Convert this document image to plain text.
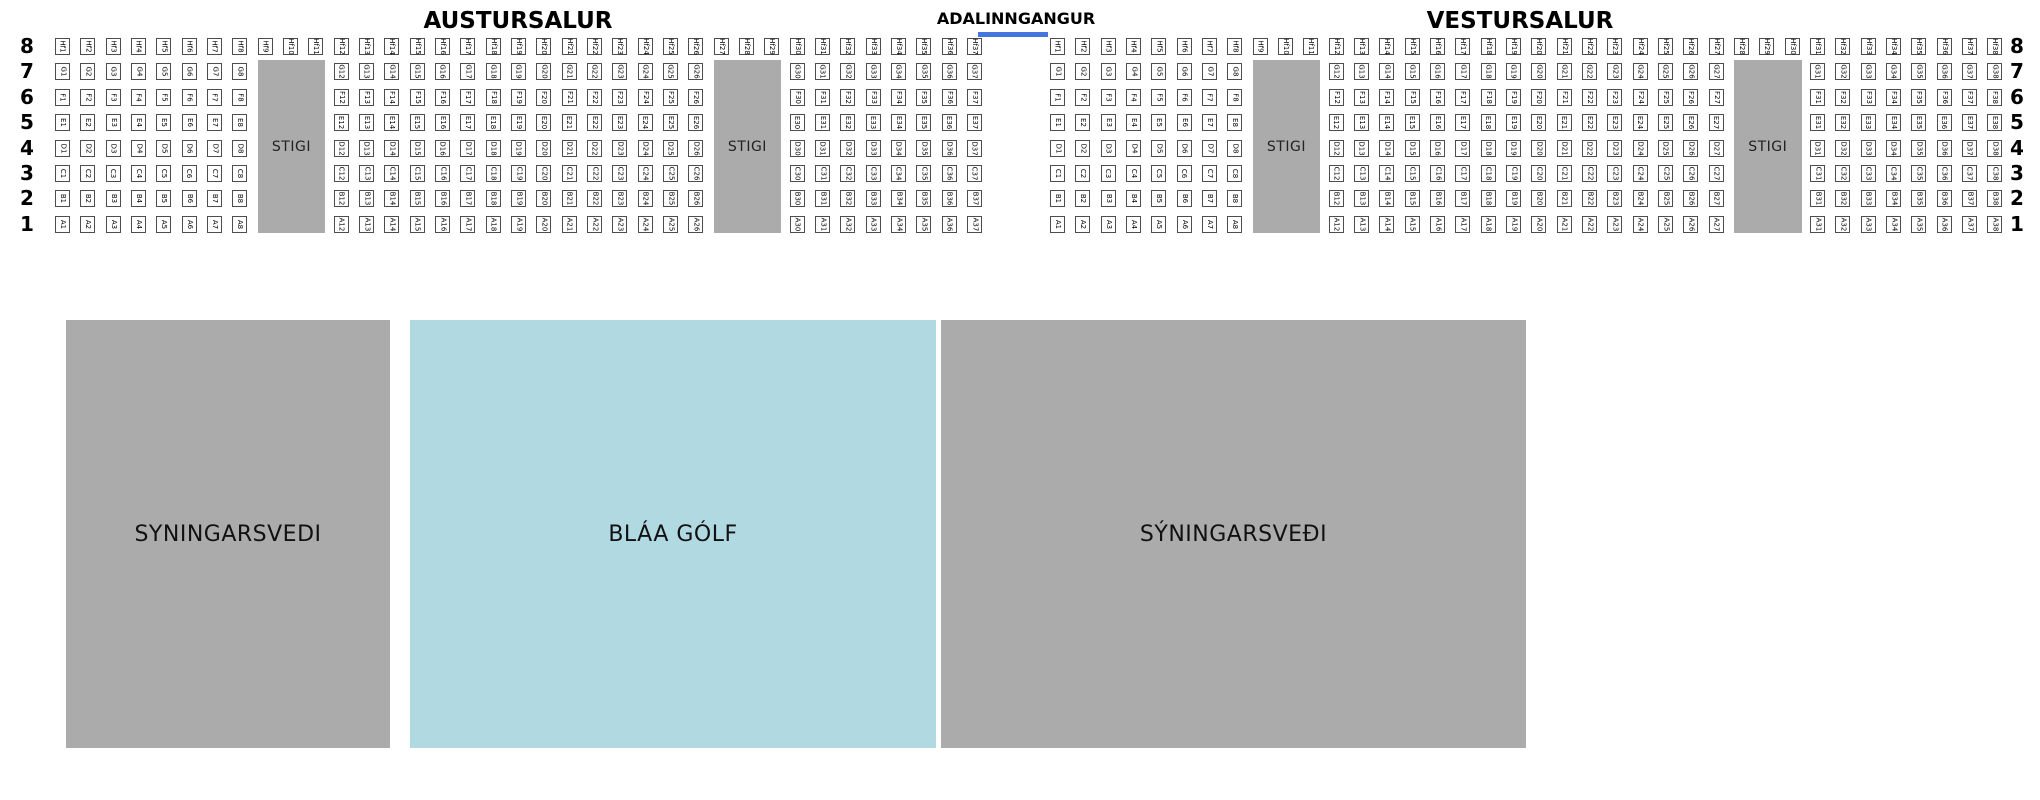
AUSTURSALUR	ADALINNGANGUR	VESTURSALUR
Hf1 Hf2 Hf3 Hf4 Hf5 Hf6 Hf7 Hf8 Hf9 Hf10 Hf11 Hf12 Hf13 Hf14 Hf15 Hf16 Hf17 Hf18 Hf19 Hf20 Hf21 Hf22 Hf23 Hf24 Hf25 Hf26 Hf27 Hf28 Hf29 Hf30 Hf31 Hf32 Hf33 Hf34 Hf35 Hf36 Hf37
G1 G2 G3 G4 G5 G6 G7 G8	G12 G13 G14 G15 G16 G17 G18 G19 G20 G21 G22 G23 G24 G25 G26	G30 G31 G32 G33 G34 G35 G36 G37
F1 F2 F3 F4 F5 F6 F7 F8	F12 F13 F14 F15 F16 F17 F18 F19 F20 F21 F22 F23 F24 F25 F26	F30 F31 F32 F33 F34 F35 F36 F37
E1 E2 E3 E4 E5 E6 E7 E8	E12 E13 E14 E15 E16 E17 E18 E19 E20 E21 E22 E23 E24 E25 E26	E30 E31 E32 E33 E34 E35 E36 E37
D1 D2 D3 D4 D5 D6 D7 D8	D12 D13 D14 D15 D16 D17 D18 D19 D20 D21 D22 D23 D24 D25 D26	D30 D31 D32 D33 D34 D35 D36 D37
C1 C2 C3 C4 C5 C6 C7 C8	C12 C13 C14 C15 C16 C17 C18 C19 C20 C21 C22 C23 C24 C25 C26	C30 C31 C32 C33 C34 C35 C36 C37
B1 B2 B3 B4 B5 B6 B7 B8	B12 B13 B14 B15 B16 B17 B18 B19 B20 B21 B22 B23 B24 B25 B26	B30 B31 B32 B33 B34 B35 B36 B37
A1 A2 A3 A4 A5 A6 A7 A8	A12 A13 A14 A15 A16 A17 A18 A19 A20 A21 A22 A23 A24 A25 A26	A30 A31 A32 A33 A34 A35 A36 A37
STIGI	STIGI
Hf1 Hf2 Hf3 Hf4 Hf5 Hf6 Hf7 Hf8 Hf9 Hf10 Hf11 Hf12 Hf13 Hf14 Hf15 Hf16 Hf17 Hf18 Hf19 Hf20 Hf21 Hf22 Hf23 Hf24 Hf25 Hf26 Hf27 Hf28 Hf29 Hf30 Hf31 Hf32 Hf33 Hf34 Hf35 Hf36 Hf37 Hf38
G1 G2 G3 G4 G5 G6 G7 G8	G12 G13 G14 G15 G16 G17 G18 G19 G20 G21 G22 G23 G24 G25 G26 G27	G31 G32 G33 G34 G35 G36 G37 G38
F1 F2 F3 F4 F5 F6 F7 F8	F12 F13 F14 F15 F16 F17 F18 F19 F20 F21 F22 F23 F24 F25 F26 F27	F31 F32 F33 F34 F35 F36 F37 F38
E1 E2 E3 E4 E5 E6 E7 E8	E12 E13 E14 E15 E16 E17 E18 E19 E20 E21 E22 E23 E24 E25 E26 E27	E31 E32 E33 E34 E35 E36 E37 E38
D1 D2 D3 D4 D5 D6 D7 D8	D12 D13 D14 D15 D16 D17 D18 D19 D20 D21 D22 D23 D24 D25 D26 D27	D31 D32 D33 D34 D35 D36 D37 D38
C1 C2 C3 C4 C5 C6 C7 C8	C12 C13 C14 C15 C16 C17 C18 C19 C20 C21 C22 C23 C24 C25 C26 C27	C31 C32 C33 C34 C35 C36 C37 C38
B1 B2 B3 B4 B5 B6 B7 B8	B12 B13 B14 B15 B16 B17 B18 B19 B20 B21 B22 B23 B24 B25 B26 B27	B31 B32 B33 B34 B35 B36 B37 B38
A1 A2 A3 A4 A5 A6 A7 A8	A12 A13 A14 A15 A16 A17 A18 A19 A20 A21 A22 A23 A24 A25 A26 A27	A31 A32 A33 A34 A35 A36 A37 A38
STIGI	STIGI
8
7
6
5
4
3
2
1
8
7
6
5
4
3
2
1
SYNINGARSVEDI	BLÁA GÓLF	SÝNINGARSVEÐI
